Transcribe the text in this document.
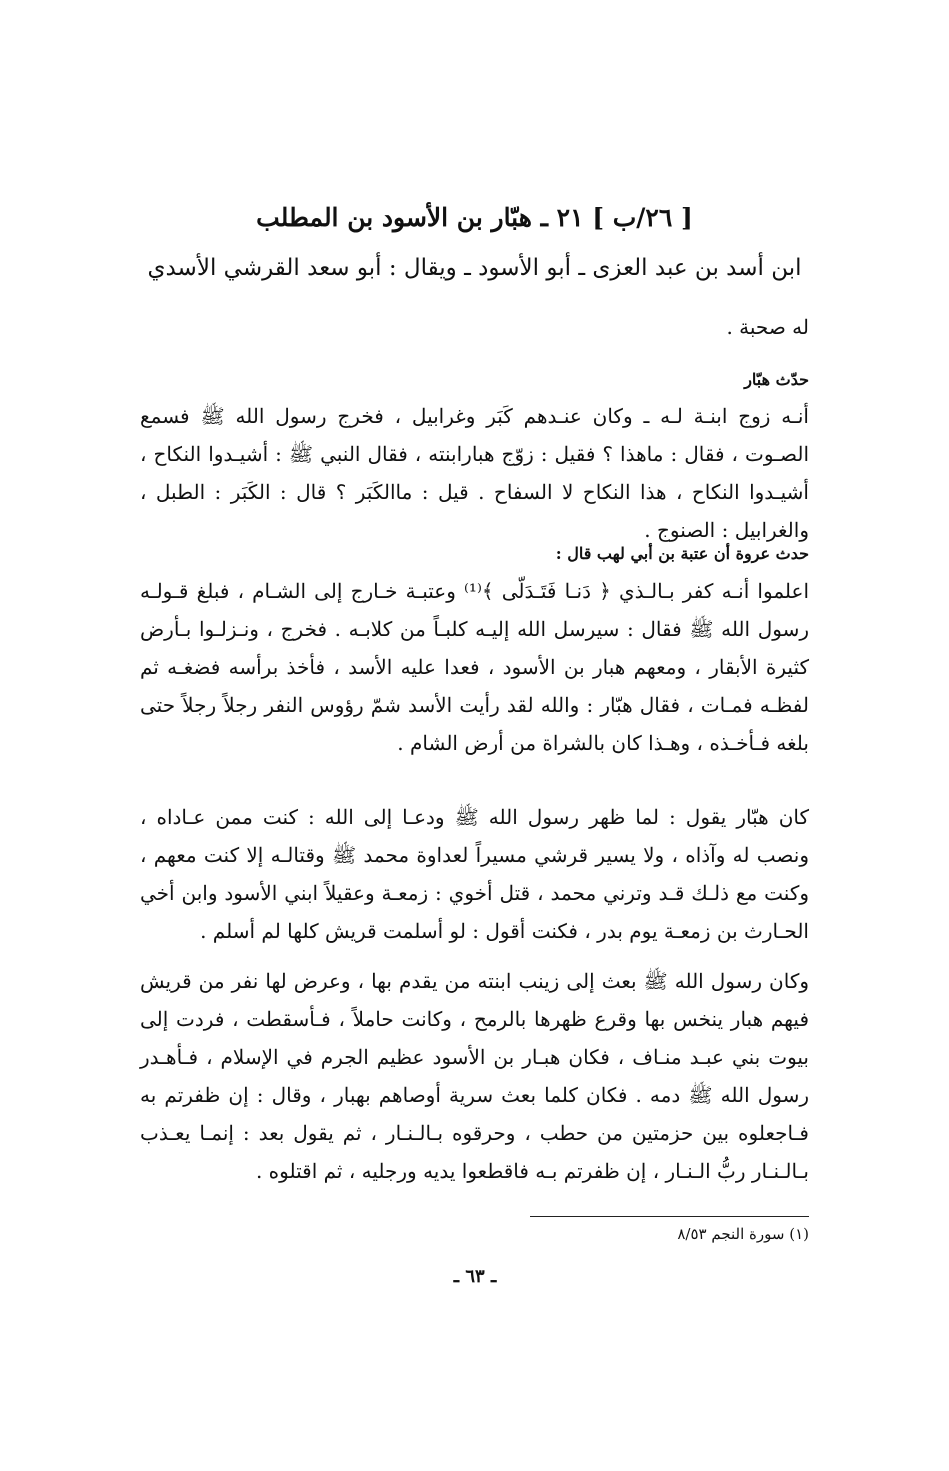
[ ٢٦/ب ] ٢١ ـ هبّار بن الأسود بن المطلب
ابن أسد بن عبد العزى ـ أبو الأسود ـ ويقال : أبو سعد القرشي الأسدي

له صحبة .

حدّث هبّار

أنـه زوج ابنـة لـه ـ وكان عنـدهم كَبَر وغرابيل ، فخرج رسول الله ﷺ فسمع الصـوت ، فقال : ماهذا ؟ فقيل : زوّج هبارابنته ، فقال النبي ﷺ : أشيـدوا النكاح ، أشيـدوا النكاح ، هذا النكاح لا السفاح . قيل : ماالكَبَر ؟ قال : الكَبَر : الطبل ، والغرابيل : الصنوج .

حدث عروة أن عتبة بن أبي لهب قال :

اعلموا أنـه كفر بـالـذي ﴿ دَنـا فَتَـدَلّى ﴾⁽¹⁾ وعتبـة خـارج إلى الشـام ، فبلغ قـولـه رسول الله ﷺ فقال : سيرسل الله إليـه كلبـاً من كلابـه . فخرج ، ونـزلـوا بـأرض كثيرة الأبقار ، ومعهم هبار بن الأسود ، فعدا عليه الأسد ، فأخذ برأسه فضغـه ثم لفظـه فمـات ، فقال هبّار : والله لقد رأيت الأسد شمّ رؤوس النفر رجلاً رجلاً حتى بلغه فـأخـذه ، وهـذا كان بالشراة من أرض الشام .

كان هبّار يقول : لما ظهر رسول الله ﷺ ودعـا إلى الله : كنت ممن عـاداه ، ونصب له وآذاه ، ولا يسير قرشي مسيراً لعداوة محمد ﷺ وقتالـه إلا كنت معهم ، وكنت مع ذلـك قـد وترني محمد ، قتل أخوي : زمعـة وعقيلاً ابني الأسود وابن أخي الحـارث بن زمعـة يوم بدر ، فكنت أقول : لو أسلمت قريش كلها لم أسلم .

وكان رسول الله ﷺ بعث إلى زينب ابنته من يقدم بها ، وعرض لها نفر من قريش فيهم هبار ينخس بها وقرع ظهرها بالرمح ، وكانت حاملاً ، فـأسقطت ، فردت إلى بيوت بني عبـد منـاف ، فكان هبـار بن الأسود عظيم الجرم في الإسلام ، فـأهـدر رسول الله ﷺ دمه . فكان كلما بعث سرية أوصاهم بهبار ، وقال : إن ظفرتم به فـاجعلوه بين حزمتين من حطب ، وحرقوه بـالـنـار ، ثم يقول بعد : إنمـا يعـذب بـالـنـار ربُّ الـنـار ، إن ظفرتم بـه فاقطعوا يديه ورجليه ، ثم اقتلوه .

(١) سورة النجم ٨/٥٣
ـ ٦٣ ـ
